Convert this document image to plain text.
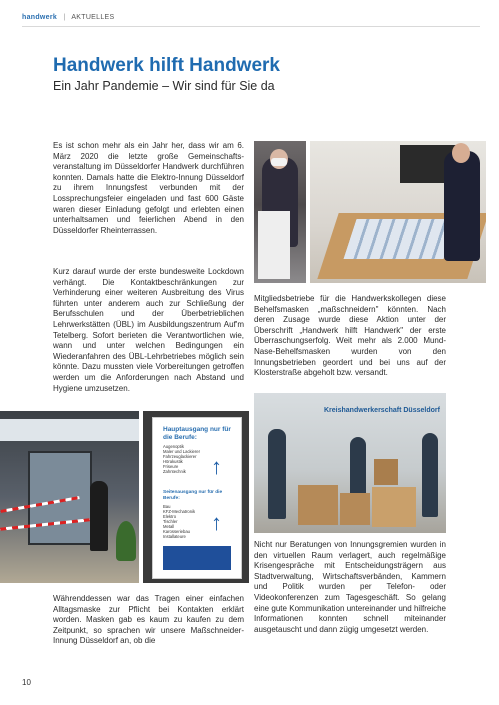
handwerk | AKTUELLES
Handwerk hilft Handwerk
Ein Jahr Pandemie – Wir sind für Sie da
Es ist schon mehr als ein Jahr her, dass wir am 6. März 2020 die letzte große Gemeinschafts-veranstaltung im Düsseldorfer Handwerk durchführen konnten. Damals hatte die Elektro-Innung Düsseldorf zu ihrem Innungsfest verbunden mit der Lossprechungsfeier eingeladen und fast 600 Gäste waren dieser Einladung gefolgt und erlebten einen unterhaltsamen und feierlichen Abend in den Düsseldorfer Rheinterrassen.
Kurz darauf wurde der erste bundesweite Lockdown verhängt. Die Kontaktbeschränkungen zur Verhinderung einer weiteren Ausbreitung des Virus führten unter anderem auch zur Schließung der Berufsschulen und der Überbetrieblichen Lehrwerkstätten (ÜBL) im Ausbildungszentrum Auf'm Tetelberg. Sofort berieten die Verantwortlichen wie, wann und unter welchen Bedingungen ein Wiederanfahren des ÜBL-Lehrbetriebes möglich sein könnte. Dazu mussten viele Vorbereitungen getroffen werden um die Anforderungen nach Abstand und Hygiene umzusetzen.
Mitgliedsbetriebe für die Handwerkskollegen diese Behelfsmasken „maßschneidern" könnten. Nach deren Zusage wurde diese Aktion unter der Überschrift „Handwerk hilft Handwerk" der erste Überraschungserfolg. Weit mehr als 2.000 Mund-Nase-Behelfsmasken wurden von den Innungsbetrieben geordert und bei uns auf der Klosterstraße abgeholt bzw. versandt.
Hauptausgang nur für die Berufe:
Augenoptik
Maler und Lackierer
Fahrzeuglackierer
Hörakustik
Friseure
Zahntechnik	↑
Seitenausgang nur für die Berufe:
Bau
KFZ-Mechatronik
Elektro
Tischler
Metall
Karosseriebau
Installateure
↑
Kreishandwerkerschaft Düsseldorf
Währenddessen war das Tragen einer einfachen Alltagsmaske zur Pflicht bei Kontakten erklärt worden. Masken gab es kaum zu kaufen zu dem Zeitpunkt, so sprachen wir unsere Maßschneider-Innung Düsseldorf an, ob die
Nicht nur Beratungen von Innungsgremien wurden in den virtuellen Raum verlagert, auch regelmäßige Krisengespräche mit Entscheidungsträgern aus Stadtverwaltung, Wirtschaftsverbänden, Kammern und Politik wurden per Telefon- oder Videokonferenzen zum Tagesgeschäft. So gelang eine gute Kommunikation untereinander und hilfreiche Informationen konnten schnell miteinander ausgetauscht und dann zügig umgesetzt werden.
10
